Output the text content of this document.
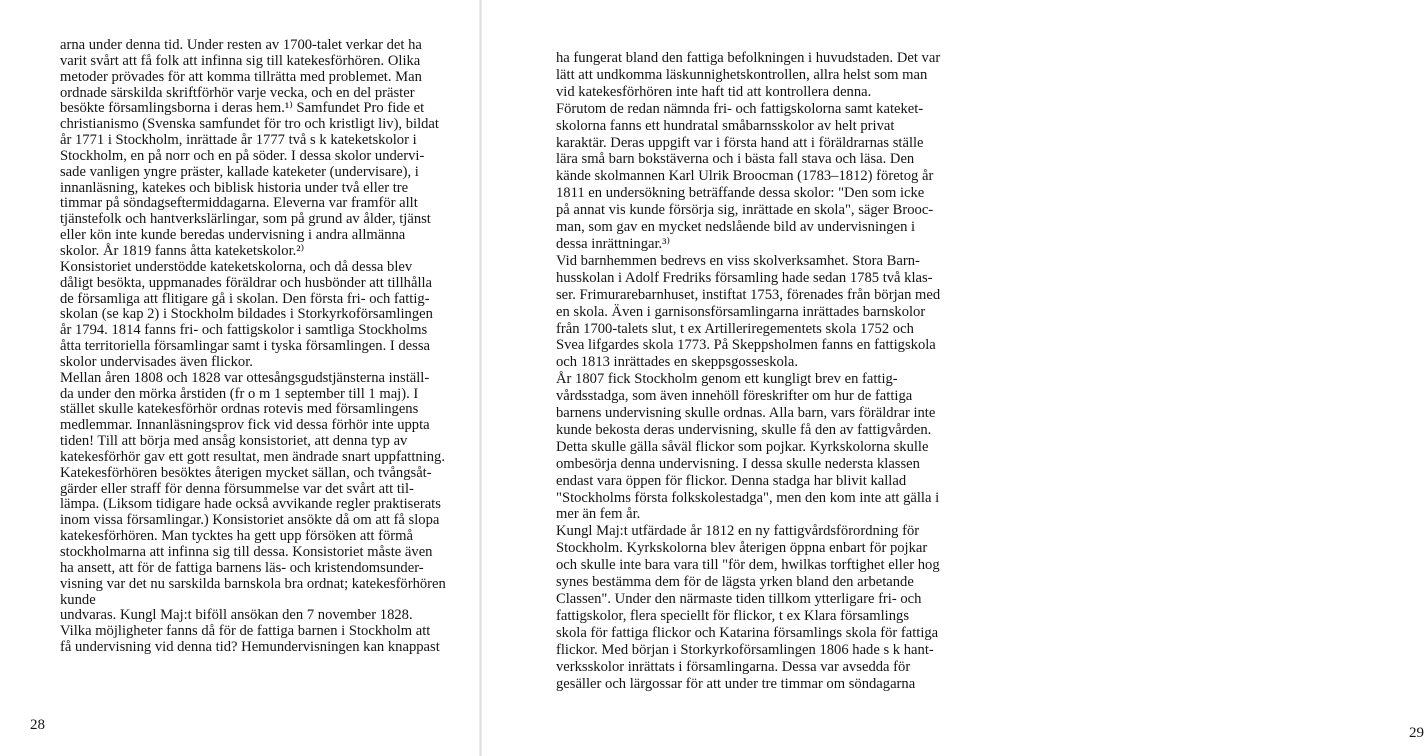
arna under denna tid. Under resten av 1700-talet verkar det ha
varit svårt att få folk att infinna sig till katekesförhören. Olika
metoder prövades för att komma tillrätta med problemet. Man
ordnade särskilda skriftförhör varje vecka, och en del präster
besökte församlingsborna i deras hem.¹⁾ Samfundet Pro fide et
christianismo (Svenska samfundet för tro och kristligt liv), bildat
år 1771 i Stockholm, inrättade år 1777 två s k kateketskolor i
Stockholm, en på norr och en på söder. I dessa skolor undervi-
sade vanligen yngre präster, kallade kateketer (undervisare), i
innanläsning, katekes och biblisk historia under två eller tre
timmar på söndagseftermiddagarna. Eleverna var framför allt
tjänstefolk och hantverkslärlingar, som på grund av ålder, tjänst
eller kön inte kunde beredas undervisning i andra allmänna
skolor. År 1819 fanns åtta kateketskolor.²⁾

Konsistoriet understödde kateketskolorna, och då dessa blev
dåligt besökta, uppmanades föräldrar och husbönder att tillhålla
de församliga att flitigare gå i skolan. Den första fri- och fattig-
skolan (se kap 2) i Stockholm bildades i Storkyrkoförsamlingen
år 1794. 1814 fanns fri- och fattigskolor i samtliga Stockholms
åtta territoriella församlingar samt i tyska församlingen. I dessa
skolor undervisades även flickor.

Mellan åren 1808 och 1828 var ottesångsgudstjänsterna inställ-
da under den mörka årstiden (fr o m 1 september till 1 maj). I
stället skulle katekesförhör ordnas rotevis med församlingens
medlemmar. Innanläsningsprov fick vid dessa förhör inte uppta
tiden! Till att börja med ansåg konsistoriet, att denna typ av
katekesförhör gav ett gott resultat, men ändrade snart uppfattning.
Katekesförhören besöktes återigen mycket sällan, och tvångsåt-
gärder eller straff för denna försummelse var det svårt att til-
lämpa. (Liksom tidigare hade också avvikande regler praktiserats
inom vissa församlingar.) Konsistoriet ansökte då om att få slopa
katekesförhören. Man tycktes ha gett upp försöken att förmå
stockholmarna att infinna sig till dessa. Konsistoriet måste även
ha ansett, att för de fattiga barnens läs- och kristendomsunder-
visning var det nu sarskilda barnskola bra ordnat; katekesförhören kunde
undvaras. Kungl Maj:t biföll ansökan den 7 november 1828.

Vilka möjligheter fanns då för de fattiga barnen i Stockholm att
få undervisning vid denna tid? Hemundervisningen kan knappast

28	29

ha fungerat bland den fattiga befolkningen i huvudstaden. Det var
lätt att undkomma läskunnighetskontrollen, allra helst som man
vid katekesförhören inte haft tid att kontrollera denna.

Förutom de redan nämnda fri- och fattigskolorna samt kateket-
skolorna fanns ett hundratal småbarnsskolor av helt privat
karaktär. Deras uppgift var i första hand att i föräldrarnas ställe
lära små barn bokstäverna och i bästa fall stava och läsa. Den
kände skolmannen Karl Ulrik Broocman (1783–1812) företog år
1811 en undersökning beträffande dessa skolor: "Den som icke
på annat vis kunde försörja sig, inrättade en skola", säger Brooc-
man, som gav en mycket nedslående bild av undervisningen i
dessa inrättningar.³⁾

Vid barnhemmen bedrevs en viss skolverksamhet. Stora Barn-
husskolan i Adolf Fredriks församling hade sedan 1785 två klas-
ser. Frimurarebarnhuset, instiftat 1753, förenades från början med
en skola. Även i garnisonsförsamlingarna inrättades barnskolor
från 1700-talets slut, t ex Artilleriregementets skola 1752 och
Svea lifgardes skola 1773. På Skeppsholmen fanns en fattigskola
och 1813 inrättades en skeppsgosseskola.

År 1807 fick Stockholm genom ett kungligt brev en fattig-
vårdsstadga, som även innehöll föreskrifter om hur de fattiga
barnens undervisning skulle ordnas. Alla barn, vars föräldrar inte
kunde bekosta deras undervisning, skulle få den av fattigvården.
Detta skulle gälla såväl flickor som pojkar. Kyrkskolorna skulle
ombesörja denna undervisning. I dessa skulle nederstа klassen
endast vara öppen för flickor. Denna stadga har blivit kallad
"Stockholms första folkskolestadga", men den kom inte att gälla i
mer än fem år.

Kungl Maj:t utfärdade år 1812 en ny fattigvårdsförordning för
Stockholm. Kyrkskolorna blev återigen öppna enbart för pojkar
och skulle inte bara vara till "för dem, hwilkas torftighet eller hog
synes bestämma dem för de lägsta yrken bland den arbetande
Classen". Under den närmaste tiden tillkom ytterligare fri- och
fattigskolor, flera speciellt för flickor, t ex Klara församlings
skola för fattiga flickor och Katarina församlings skola för fattiga
flickor. Med början i Storkyrkoförsamlingen 1806 hade s k hant-
verksskolor inrättats i församlingarna. Dessa var avsedda för
gesäller och lärgossar för att under tre timmar om söndagarna
